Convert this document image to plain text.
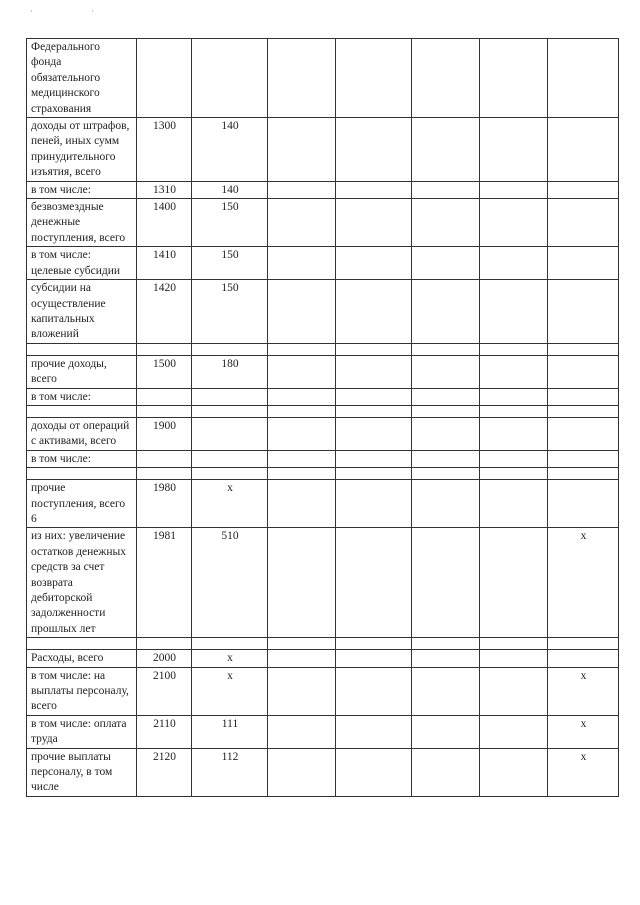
· ·
Федерального фонда обязательного медицинского страхования							
доходы от штрафов, пеней, иных сумм принудительного изъятия, всего	1300	140					
в том числе:	1310	140					
безвозмездные денежные поступления, всего	1400	150					
в том числе: целевые субсидии	1410	150					
субсидии на осуществление капитальных вложений	1420	150					

прочие доходы, всего	1500	180					
в том числе:							

доходы от операций с активами, всего	1900						
в том числе:							

прочие поступления, всего 6	1980	x					
из них: увеличение остатков денежных средств за счет возврата дебиторской задолженности прошлых лет	1981	510					x

Расходы, всего	2000	x					
в том числе: на выплаты персоналу, всего	2100	x					x
в том числе: оплата труда	2110	111					x
прочие выплаты персоналу, в том числе	2120	112					x
